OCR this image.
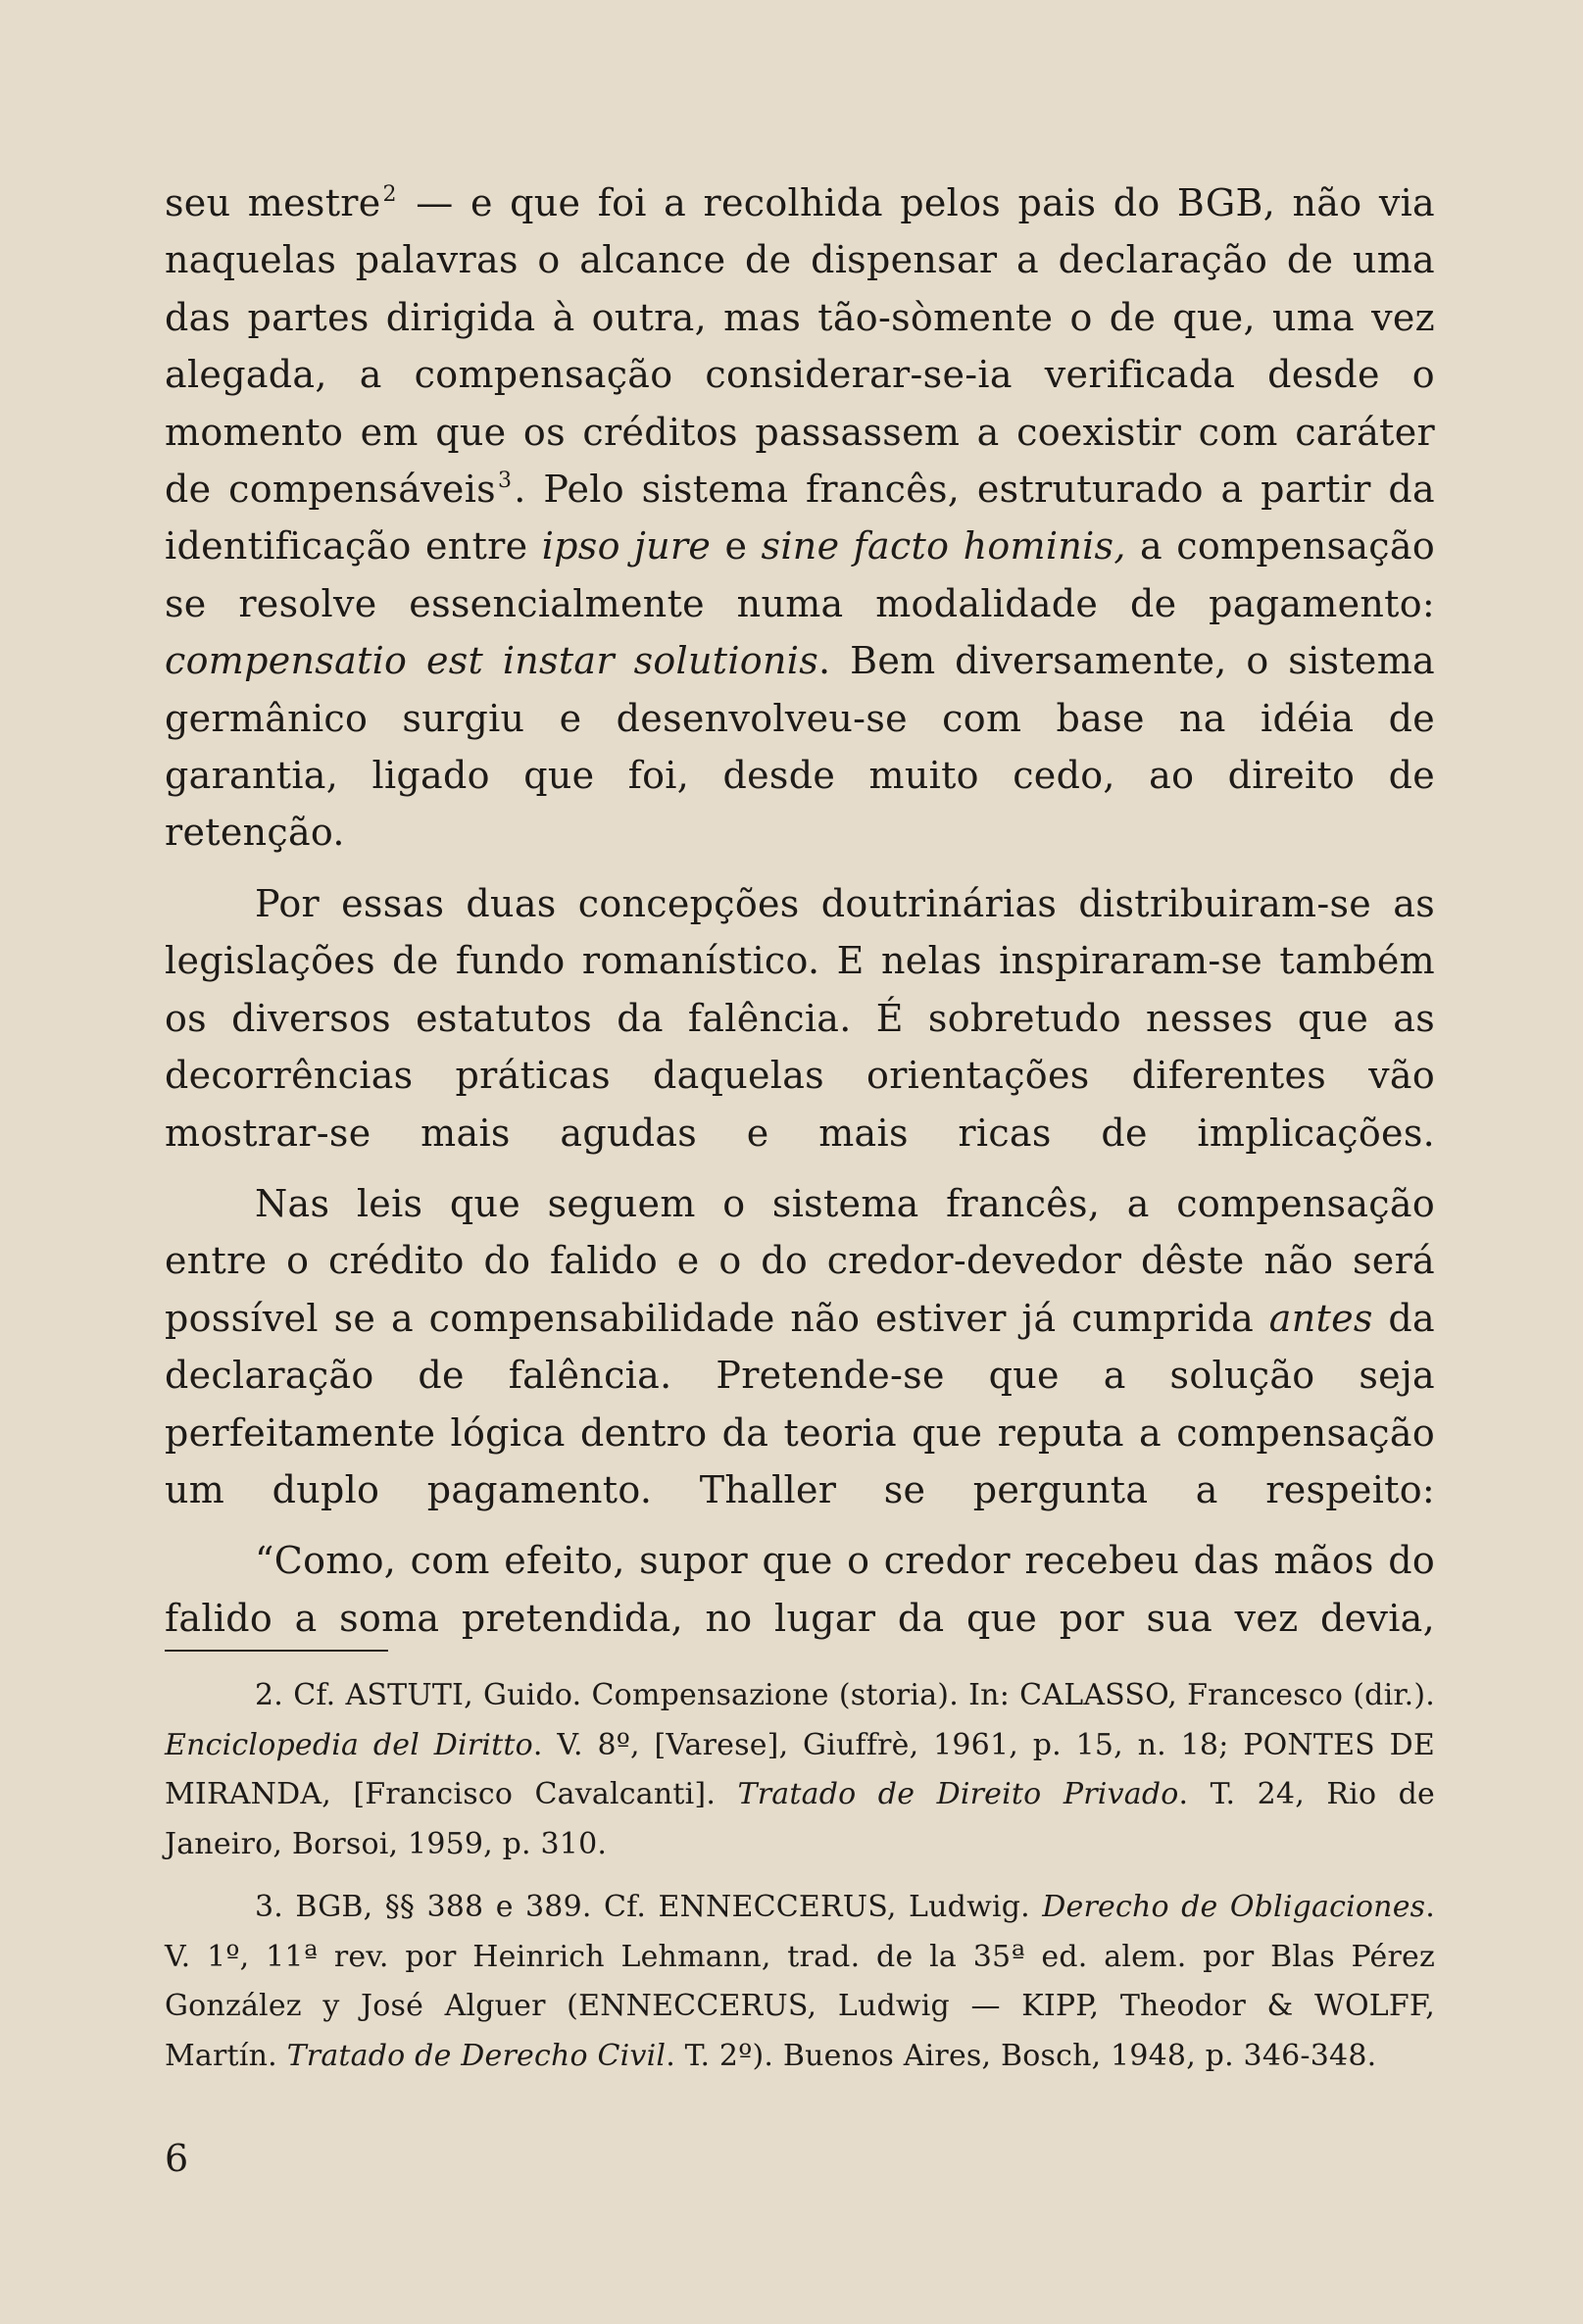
seu mestre$^2$ — e que foi a recolhida pelos pais do BGB, não via naquelas palavras o alcance de dispensar a declaração de uma das partes dirigida à outra, mas tão-sòmente o de que, uma vez alegada, a compensação considerar-se-ia verificada desde o momento em que os créditos passassem a coexistir com caráter de compensáveis$^3$. Pelo sistema francês, estruturado a partir da identificação entre ipso jure e sine facto hominis, a compensação se resolve essencialmente numa modalidade de pagamento: compensatio est instar solutionis. Bem diversamente, o sistema germânico surgiu e desenvolveu-se com base na idéia de garantia, ligado que foi, desde muito cedo, ao direito de retenção.

Por essas duas concepções doutrinárias distribuiram-se as legislações de fundo romanístico. E nelas inspiraram-se também os diversos estatutos da falência. É sobretudo nesses que as decorrências práticas daquelas orientações diferentes vão mostrar-se mais agudas e mais ricas de implicações.

Nas leis que seguem o sistema francês, a compensação entre o crédito do falido e o do credor-devedor dêste não será possível se a compensabilidade não estiver já cumprida antes da declaração de falência. Pretende-se que a solução seja perfeitamente lógica dentro da teoria que reputa a compensação um duplo pagamento. Thaller se pergunta a respeito:

“Como, com efeito, supor que o credor recebeu das mãos do falido a soma pretendida, no lugar da que por sua vez devia,

2. Cf. ASTUTI, Guido. Compensazione (storia). In: CALASSO, Francesco (dir.). Enciclopedia del Diritto. V. 8º, [Varese], Giuffrè, 1961, p. 15, n. 18; PONTES DE MIRANDA, [Francisco Cavalcanti]. Tratado de Direito Privado. T. 24, Rio de Janeiro, Borsoi, 1959, p. 310.

3. BGB, §§ 388 e 389. Cf. ENNECCERUS, Ludwig. Derecho de Obligaciones. V. 1º, 11ª rev. por Heinrich Lehmann, trad. de la 35ª ed. alem. por Blas Pérez González y José Alguer (ENNECCERUS, Ludwig — KIPP, Theodor & WOLFF, Martín. Tratado de Derecho Civil. T. 2º). Buenos Aires, Bosch, 1948, p. 346-348.

6
